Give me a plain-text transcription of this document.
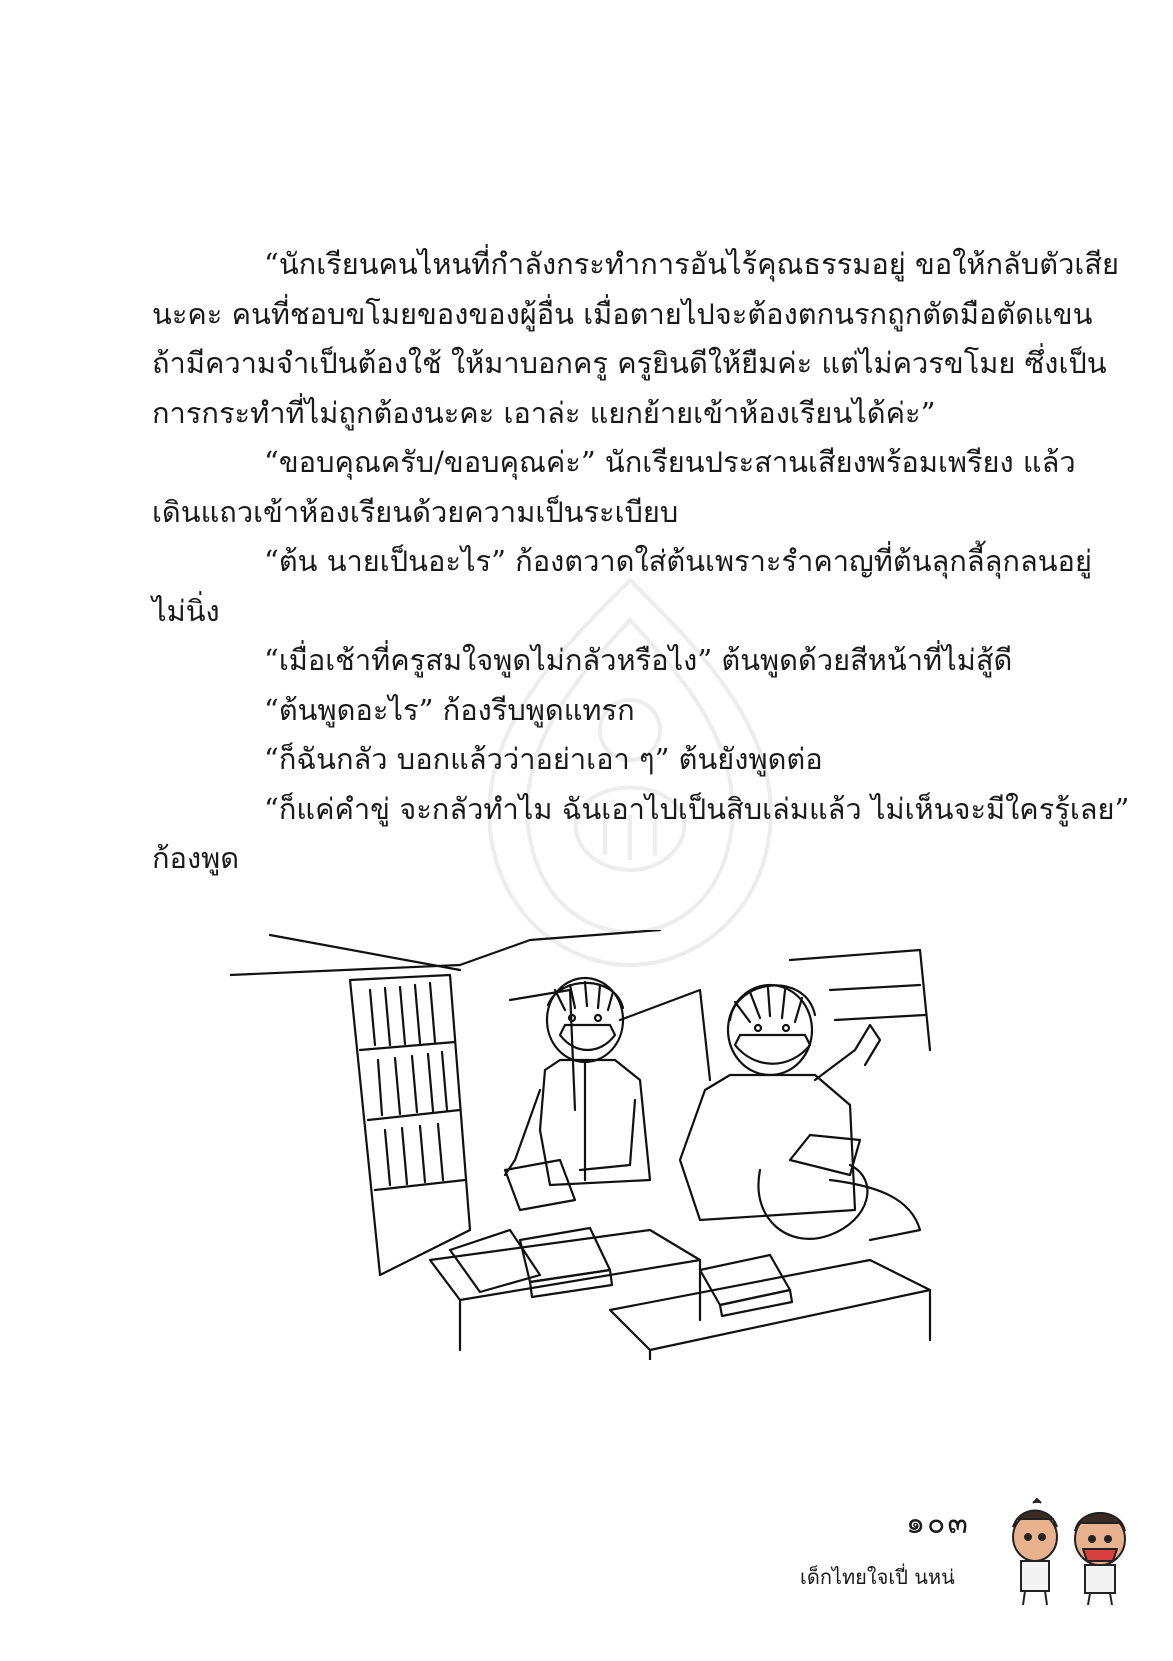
“นักเรียนคนไหนที่กำลังกระทำการอันไร้คุณธรรมอยู่ ขอให้กลับตัวเสีย
นะคะ คนที่ชอบขโมยของของผู้อื่น เมื่อตายไปจะต้องตกนรกถูกตัดมือตัดแขน
ถ้ามีความจำเป็นต้องใช้ ให้มาบอกครู ครูยินดีให้ยืมค่ะ แต่ไม่ควรขโมย ซึ่งเป็น
การกระทำที่ไม่ถูกต้องนะคะ เอาล่ะ แยกย้ายเข้าห้องเรียนได้ค่ะ”
“ขอบคุณครับ/ขอบคุณค่ะ” นักเรียนประสานเสียงพร้อมเพรียง แล้ว
เดินแถวเข้าห้องเรียนด้วยความเป็นระเบียบ
“ต้น นายเป็นอะไร” ก้องตวาดใส่ต้นเพราะรำคาญที่ต้นลุกลี้ลุกลนอยู่
ไม่นิ่ง
“เมื่อเช้าที่ครูสมใจพูดไม่กลัวหรือไง” ต้นพูดด้วยสีหน้าที่ไม่สู้ดี
“ต้นพูดอะไร” ก้องรีบพูดแทรก
“ก็ฉันกลัว บอกแล้วว่าอย่าเอา ๆ” ต้นยังพูดต่อ
“ก็แค่คำขู่ จะกลัวทำไม ฉันเอาไปเป็นสิบเล่มแล้ว ไม่เห็นจะมีใครรู้เลย”
ก้องพูด
๑๐๓
เด็กไทยใจเปี่ นหน่
